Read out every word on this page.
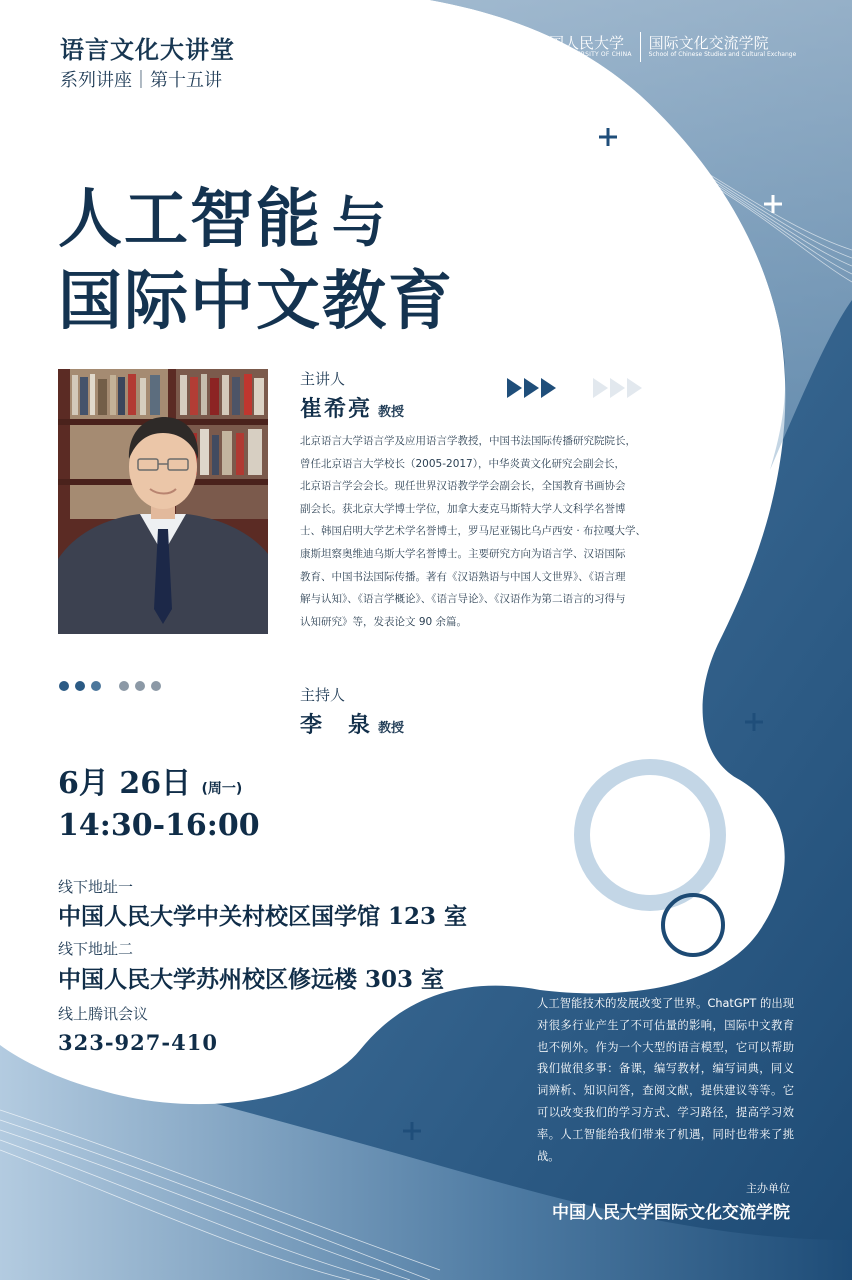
语言文化大讲堂
系列讲座｜第十五讲
◎	中国人民大学
RENMIN UNIVERSITY OF CHINA
国际文化交流学院
School of Chinese Studies and Cultural Exchange
人工智能 与
国际中文教育
主讲人
崔希亮 教授
北京语言大学语言学及应用语言学教授，中国书法国际传播研究院院长，
曾任北京语言大学校长（2005-2017），中华炎黄文化研究会副会长，
北京语言学会会长。现任世界汉语教学学会副会长，全国教育书画协会
副会长。获北京大学博士学位，加拿大麦克马斯特大学人文科学名誉博
士、韩国启明大学艺术学名誉博士，罗马尼亚锡比乌卢西安 · 布拉嘎大学、
康斯坦察奥维迪乌斯大学名誉博士。主要研究方向为语言学、汉语国际
教育、中国书法国际传播。著有《汉语熟语与中国人文世界》、《语言理
解与认知》、《语言学概论》、《语言导论》、《汉语作为第二语言的习得与
认知研究》等，发表论文 90 余篇。
主持人
李　泉 教授
6月 26日 (周一)
14:30-16:00
线下地址一
中国人民大学中关村校区国学馆 123 室
线下地址二
中国人民大学苏州校区修远楼 303 室
线上腾讯会议
323-927-410
人工智能技术的发展改变了世界。ChatGPT 的出现对很多行业产生了不可估量的影响，国际中文教育也不例外。作为一个大型的语言模型，它可以帮助我们做很多事：备课，编写教材，编写词典，同义词辨析、知识问答，查阅文献，提供建议等等。它可以改变我们的学习方式、学习路径，提高学习效率。人工智能给我们带来了机遇，同时也带来了挑战。
主办单位
中国人民大学国际文化交流学院
